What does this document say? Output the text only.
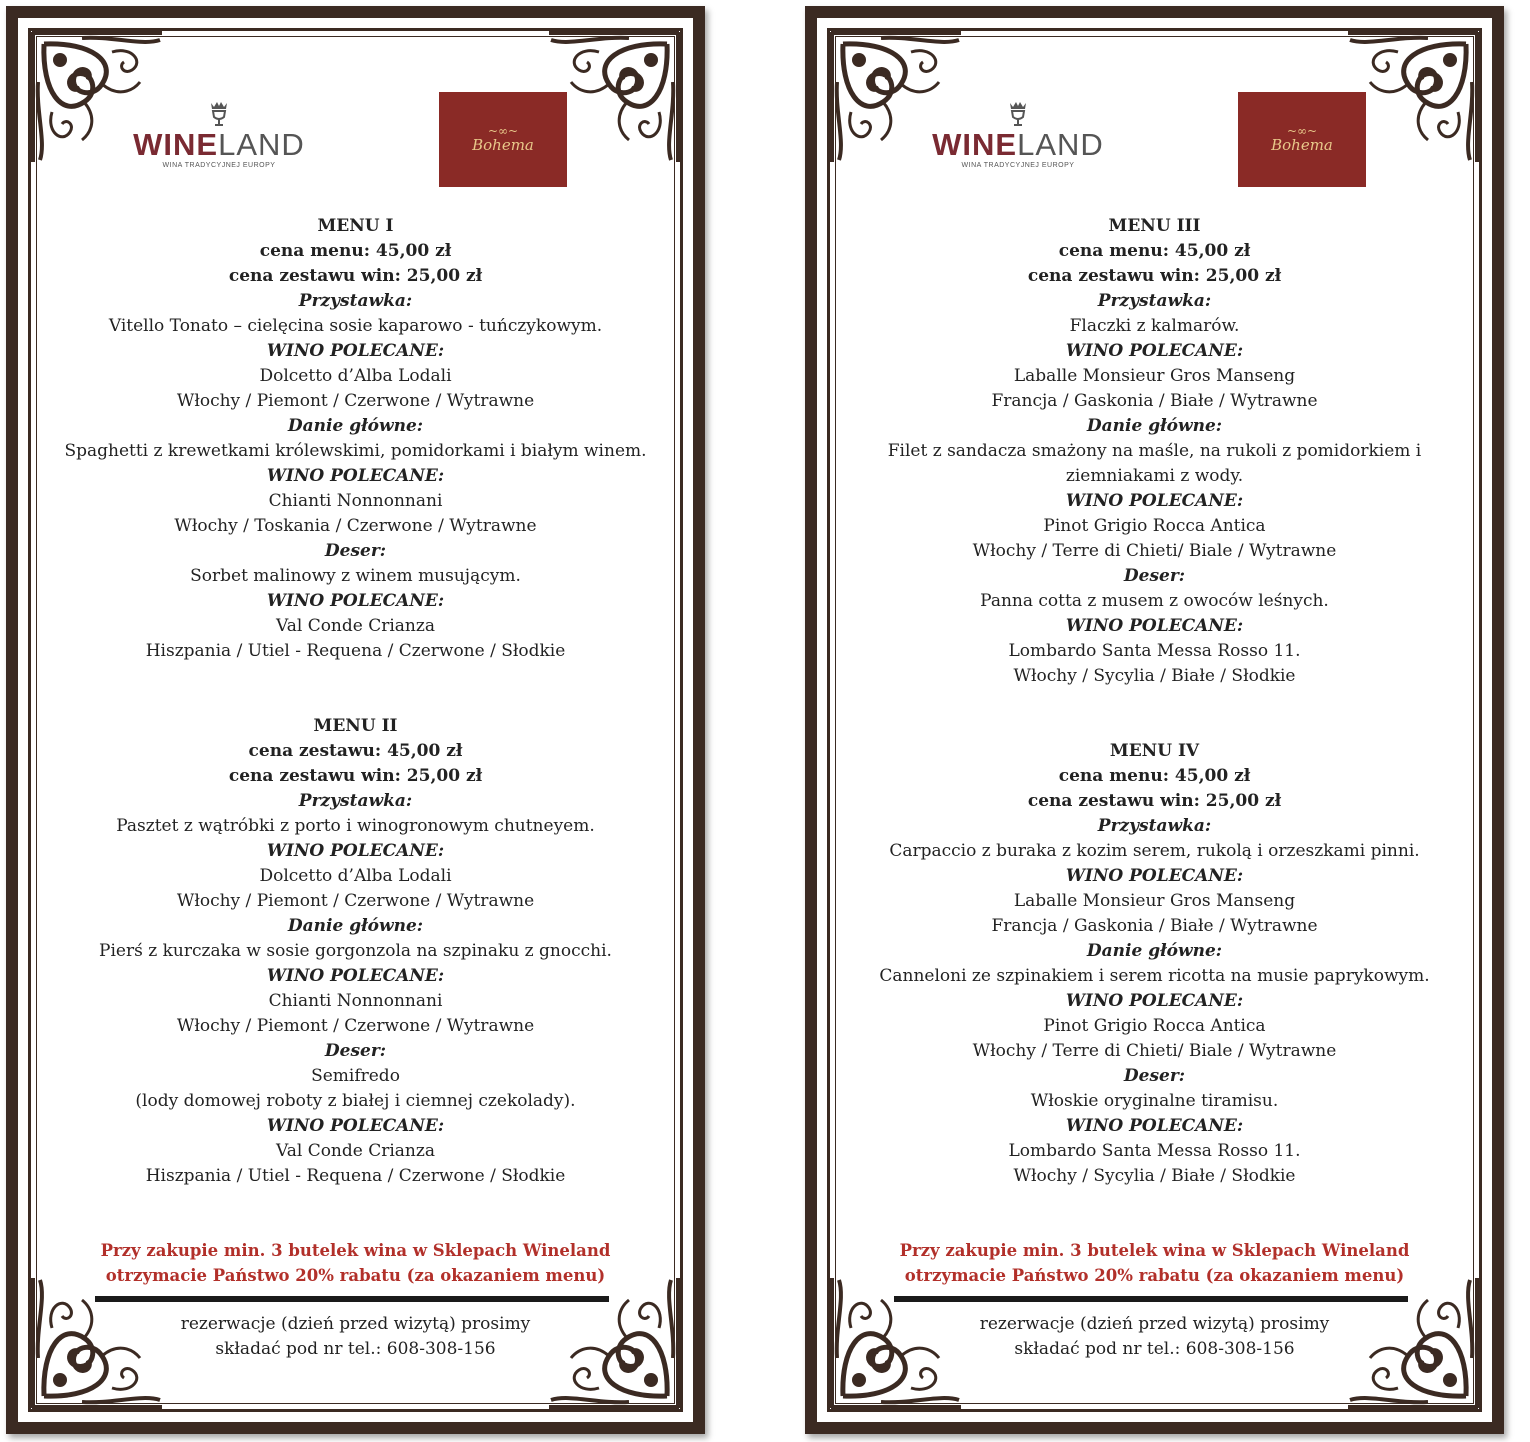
WINELAND
WINA TRADYCYJNEJ EUROPY
~∞~
Bohema
MENU I
cena menu: 45,00 zł
cena zestawu win: 25,00 zł
Przystawka:
Vitello Tonato – cielęcina sosie kaparowo - tuńczykowym.
WINO POLECANE:
Dolcetto d’Alba Lodali
Włochy / Piemont / Czerwone / Wytrawne
Danie główne:
Spaghetti z krewetkami królewskimi, pomidorkami i białym winem.
WINO POLECANE:
Chianti Nonnonnani
Włochy / Toskania / Czerwone / Wytrawne
Deser:
Sorbet malinowy z winem musującym.
WINO POLECANE:
Val Conde Crianza
Hiszpania / Utiel - Requena / Czerwone / Słodkie
MENU II
cena zestawu: 45,00 zł
cena zestawu win: 25,00 zł
Przystawka:
Pasztet z wątróbki z porto i winogronowym chutneyem.
WINO POLECANE:
Dolcetto d’Alba Lodali
Włochy / Piemont / Czerwone / Wytrawne
Danie główne:
Pierś z kurczaka w sosie gorgonzola na szpinaku z gnocchi.
WINO POLECANE:
Chianti Nonnonnani
Włochy / Piemont / Czerwone / Wytrawne
Deser:
Semifredo
(lody domowej roboty z białej i ciemnej czekolady).
WINO POLECANE:
Val Conde Crianza
Hiszpania / Utiel - Requena / Czerwone / Słodkie
Przy zakupie min. 3 butelek wina w Sklepach Wineland
otrzymacie Państwo 20% rabatu (za okazaniem menu)
rezerwacje (dzień przed wizytą) prosimy
składać pod nr tel.: 608-308-156
WINELAND
WINA TRADYCYJNEJ EUROPY
~∞~
Bohema
MENU III
cena menu: 45,00 zł
cena zestawu win: 25,00 zł
Przystawka:
Flaczki z kalmarów.
WINO POLECANE:
Laballe Monsieur Gros Manseng
Francja / Gaskonia / Białe / Wytrawne
Danie główne:
Filet z sandacza smażony na maśle, na rukoli z pomidorkiem i
ziemniakami z wody.
WINO POLECANE:
Pinot Grigio Rocca Antica
Włochy / Terre di Chieti/ Biale / Wytrawne
Deser:
Panna cotta z musem z owoców leśnych.
WINO POLECANE:
Lombardo Santa Messa Rosso 11.
Włochy / Sycylia / Białe / Słodkie
MENU IV
cena menu: 45,00 zł
cena zestawu win: 25,00 zł
Przystawka:
Carpaccio z buraka z kozim serem, rukolą i orzeszkami pinni.
WINO POLECANE:
Laballe Monsieur Gros Manseng
Francja / Gaskonia / Białe / Wytrawne
Danie główne:
Canneloni ze szpinakiem i serem ricotta na musie paprykowym.
WINO POLECANE:
Pinot Grigio Rocca Antica
Włochy / Terre di Chieti/ Biale / Wytrawne
Deser:
Włoskie oryginalne tiramisu.
WINO POLECANE:
Lombardo Santa Messa Rosso 11.
Włochy / Sycylia / Białe / Słodkie
Przy zakupie min. 3 butelek wina w Sklepach Wineland
otrzymacie Państwo 20% rabatu (za okazaniem menu)
rezerwacje (dzień przed wizytą) prosimy
składać pod nr tel.: 608-308-156
